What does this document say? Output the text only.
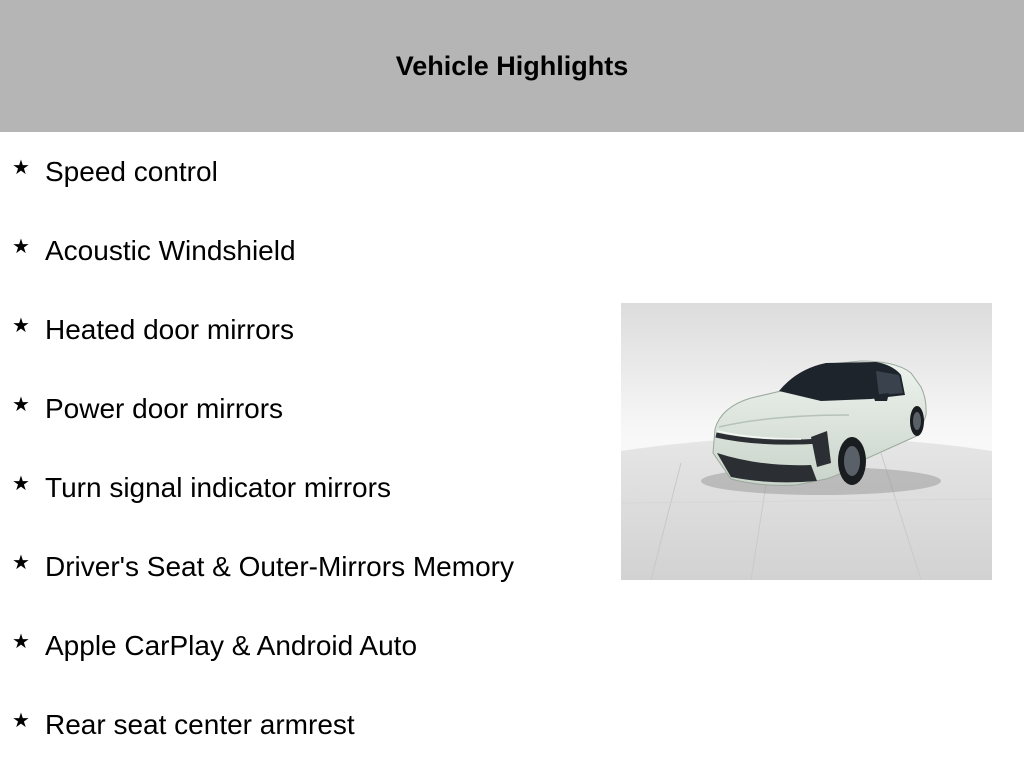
Vehicle Highlights
★ Speed control
★ Acoustic Windshield
★ Heated door mirrors
★ Power door mirrors
★ Turn signal indicator mirrors
★ Driver's Seat & Outer-Mirrors Memory
★ Apple CarPlay & Android Auto
★ Rear seat center armrest
